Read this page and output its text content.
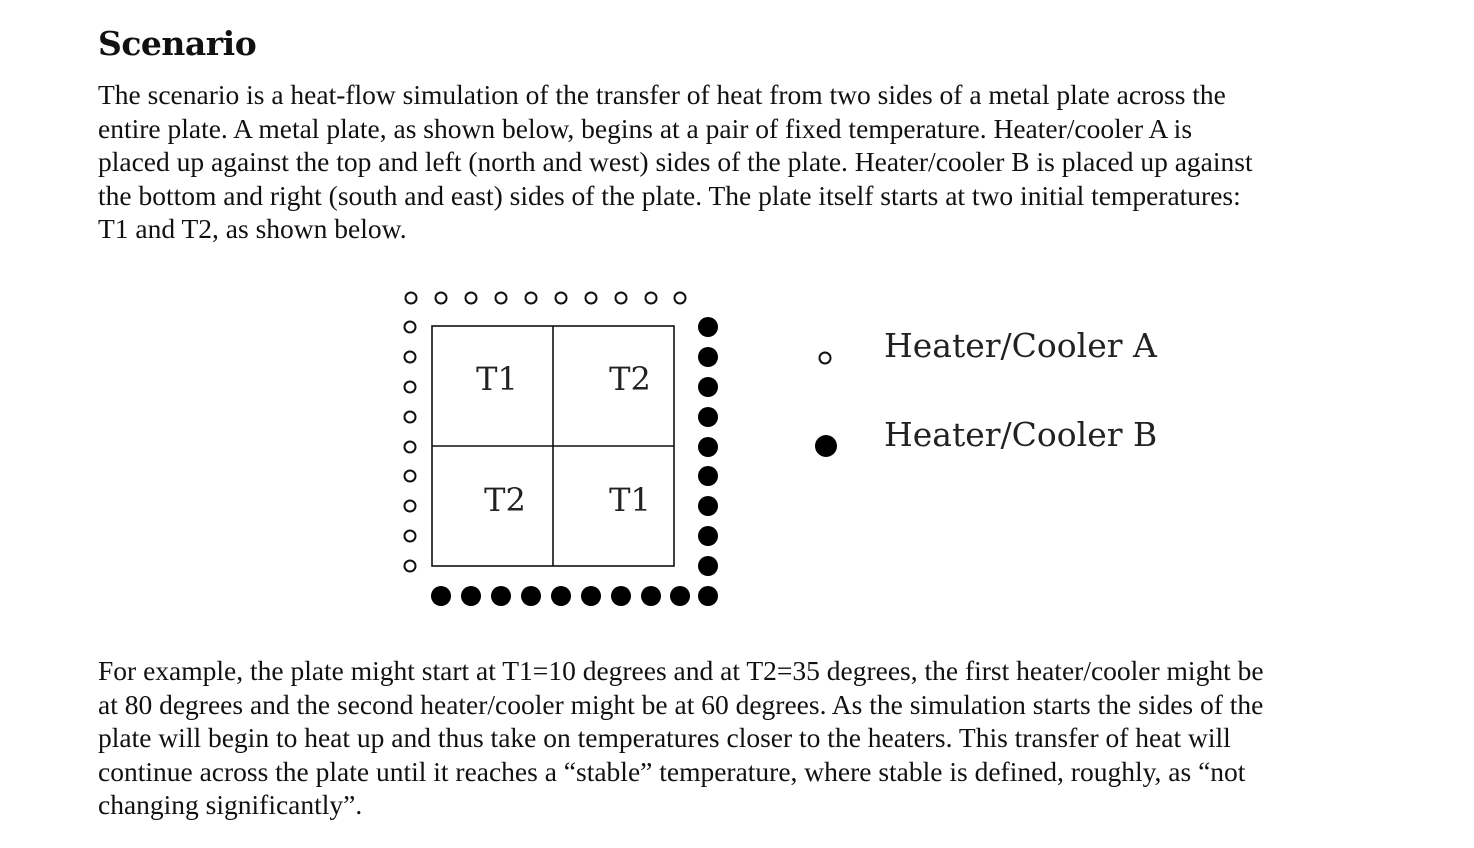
Scenario

The scenario is a heat-flow simulation of the transfer of heat from two sides of a metal plate across the
entire plate. A metal plate, as shown below, begins at a pair of fixed temperature. Heater/cooler A is
placed up against the top and left (north and west) sides of the plate. Heater/cooler B is placed up against
the bottom and right (south and east) sides of the plate. The plate itself starts at two initial temperatures:
T1 and T2, as shown below.

T1	T2
T2	T1
Heater/Cooler A
Heater/Cooler B

For example, the plate might start at T1=10 degrees and at T2=35 degrees, the first heater/cooler might be
at 80 degrees and the second heater/cooler might be at 60 degrees. As the simulation starts the sides of the
plate will begin to heat up and thus take on temperatures closer to the heaters. This transfer of heat will
continue across the plate until it reaches a “stable” temperature, where stable is defined, roughly, as “not
changing significantly”.
